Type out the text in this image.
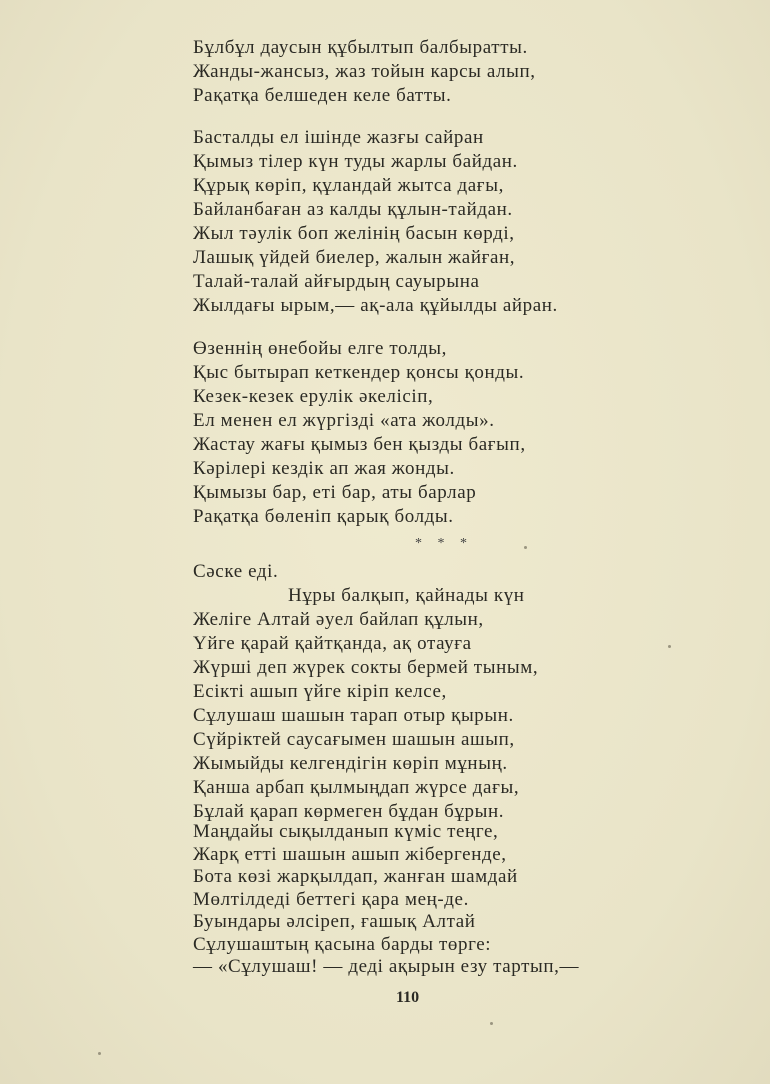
Бұлбұл даусын құбылтып балбыратты.
Жанды-жансыз, жаз тойын карсы алып,
Рақатқа белшеден келе батты.
Басталды ел ішінде жазғы сайран
Қымыз тілер күн туды жарлы байдан.
Құрық көріп, құландай жытса дағы,
Байланбаған аз калды құлын-тайдан.
Жыл тәулік боп желінің басын көрді,
Лашық үйдей биелер, жалын жайған,
Талай-талай айғырдың сауырына
Жылдағы ырым,— ақ-ала құйылды айран.
Өзеннің өнебойы елге толды,
Қыс бытырап кеткендер қонсы қонды.
Кезек-кезек ерулік әкелісіп,
Ел менен ел жүргізді «ата жолды».
Жастау жағы қымыз бен қызды бағып,
Кәрілері кездік ап жая жонды.
Қымызы бар, еті бар, аты барлар
Рақатқа бөленіп қарық болды.
* * *
Сәске еді.
Нұры балқып, қайнады күн
Желіге Алтай әуел байлап құлын,
Үйге қарай қайтқанда, ақ отауға
Жүрші деп жүрек сокты бермей тыным,
Есікті ашып үйге кіріп келсе,
Сұлушаш шашын тарап отыр қырын.
Сүйріктей саусағымен шашын ашып,
Жымыйды келгендігін көріп мұның.
Қанша арбап қылмыңдап жүрсе дағы,
Бұлай қарап көрмеген бұдан бұрын.
Маңдайы сықылданып күміс теңге,
Жарқ етті шашын ашып жібергенде,
Бота көзі жарқылдап, жанған шамдай
Мөлтілдеді беттегі қара мең-де.
Буындары әлсіреп, ғашық Алтай
Сұлушаштың қасына барды төрге:
— «Сұлушаш! — деді ақырын езу тартып,—
110
